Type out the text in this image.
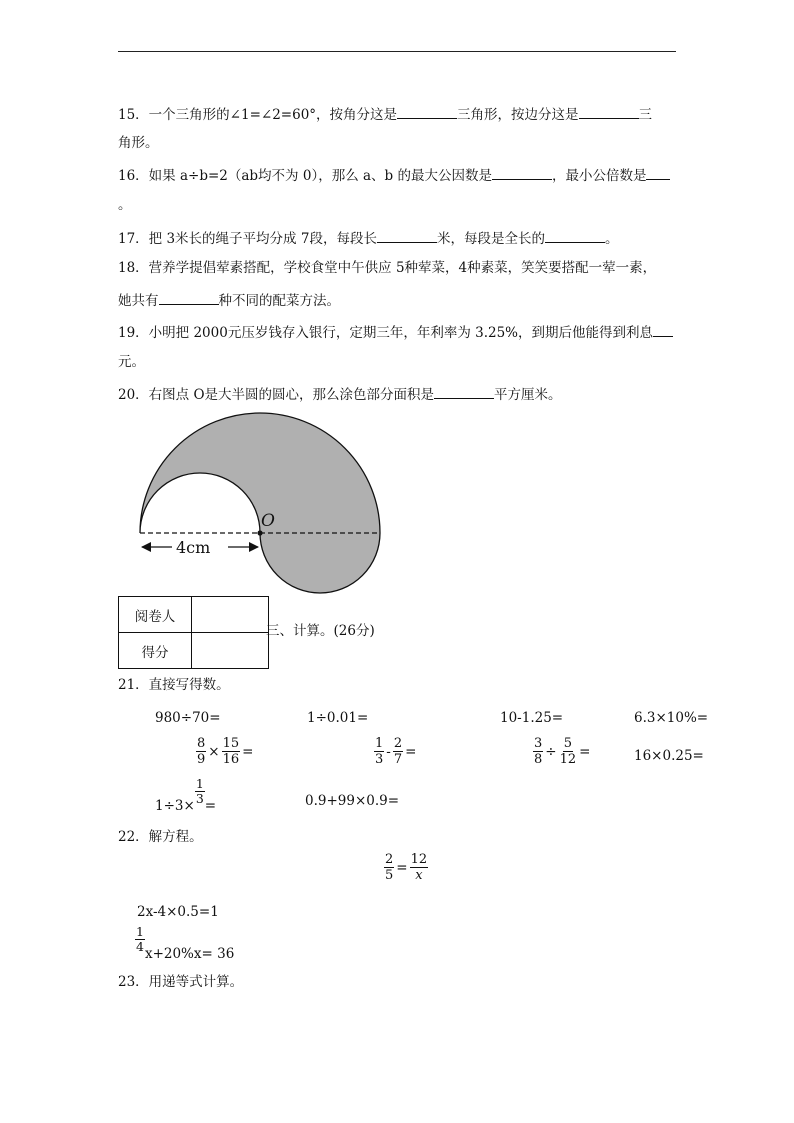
15．一个三角形的∠1=∠2=60°，按角分这是	三角形，按边分这是	三
角形。
16．如果 a÷b=2（ab均不为 0），那么 a、b 的最大公因数是	，最小公倍数是
。
17．把 3米长的绳子平均分成 7段，每段长	米，每段是全长的	。
18．营养学提倡荤素搭配，学校食堂中午供应 5种荤菜，4种素菜，笑笑要搭配一荤一素，
她共有	种不同的配菜方法。
19．小明把 2000元压岁钱存入银行，定期三年，年利率为 3.25%，到期后他能得到利息
元。
20．右图点 O是大半圆的圆心，那么涂色部分面积是	平方厘米。
O
4cm
阅卷人	
得分	
三、计算。(26分)
21．直接写得数。
980÷70=	1÷0.01=	10-1.25=	6.3×10%=
$\frac{8}{9} \times \frac{15}{16}$ =	$\frac{1}{3} - \frac{2}{7}$ =	$\frac{3}{8} \div \frac{5}{12}$ =	16×0.25=
$1\div 3\times \frac{1}{3}$ =	0.9+99×0.9=
22．解方程。
$\frac{2}{5} = \frac{12}{x}$
2x-4×0.5=1
$\frac{1}{4} x+20\%x= 36$
23．用递等式计算。
